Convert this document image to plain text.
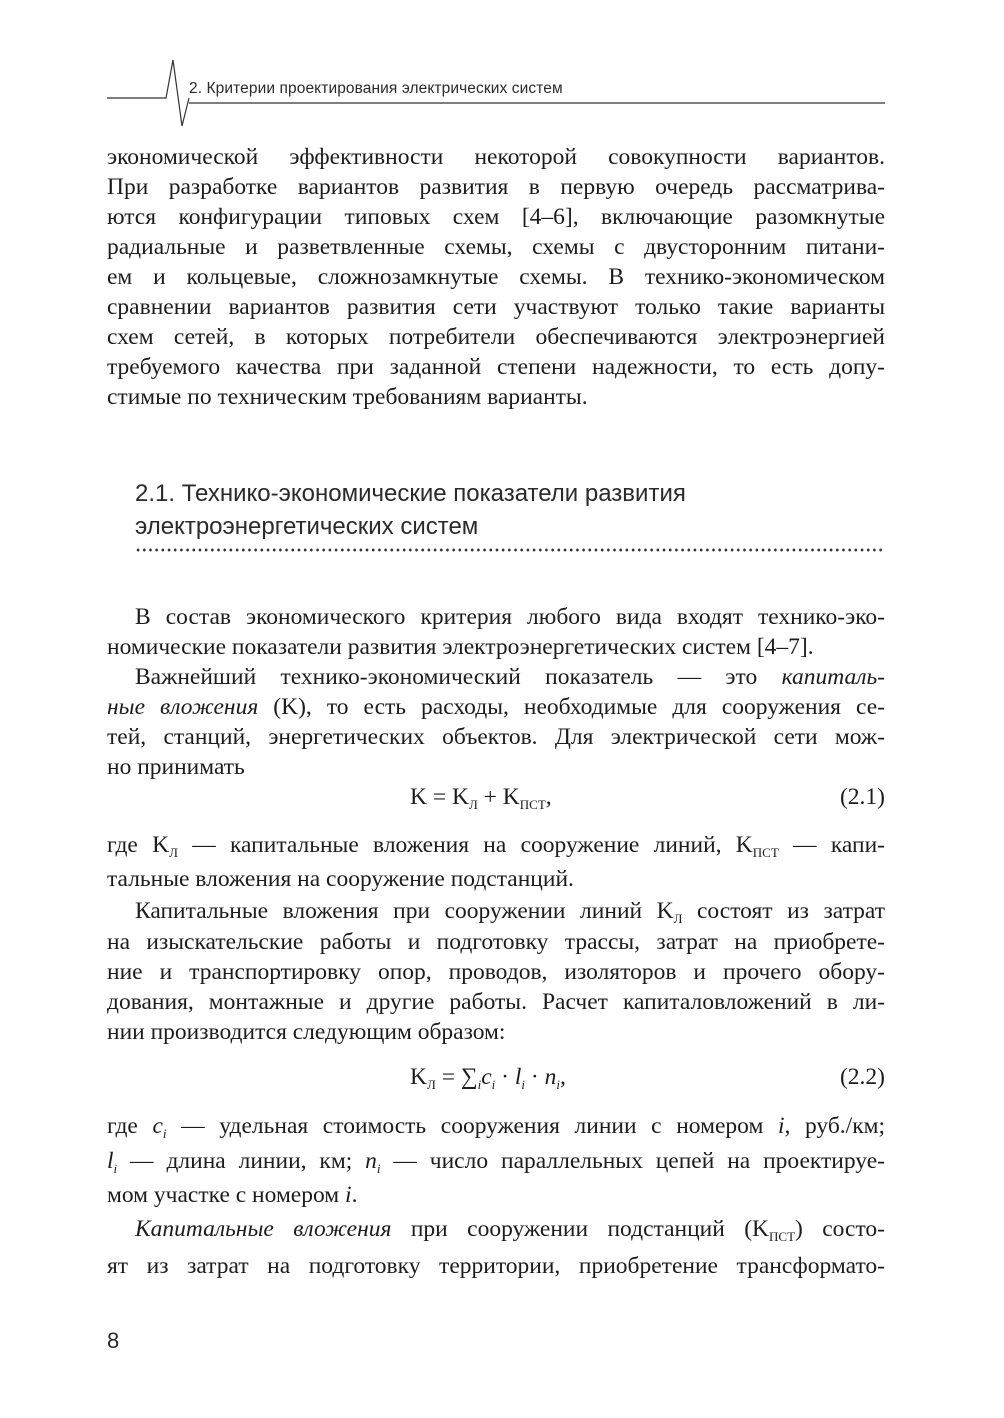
2. Критерии проектирования электрических систем
экономической эффективности некоторой совокупности вариантов.
При разработке вариантов развития в первую очередь рассматрива-
ются конфигурации типовых схем [4–6], включающие разомкнутые
радиальные и разветвленные схемы, схемы с двусторонним питани-
ем и кольцевые, сложнозамкнутые схемы. В технико-экономическом
сравнении вариантов развития сети участвуют только такие варианты
схем сетей, в которых потребители обеспечиваются электроэнергией
требуемого качества при заданной степени надежности, то есть допу-
стимые по техническим требованиям варианты.
2.1. Технико-экономические показатели развития
электроэнергетических систем
В состав экономического критерия любого вида входят технико-эко-
номические показатели развития электроэнергетических систем [4–7].
Важнейший технико-экономический показатель — это капиталь-
ные вложения (K), то есть расходы, необходимые для сооружения се-
тей, станций, энергетических объектов. Для электрической сети мож-
но принимать
$K = K_Л + K_{ПСТ}$,	(2.1)
где $K_Л$ — капитальные вложения на сооружение линий, $K_{ПСТ}$ — капи-
тальные вложения на сооружение подстанций.
Капитальные вложения при сооружении линий $K_Л$ состоят из затрат
на изыскательские работы и подготовку трассы, затрат на приобрете-
ние и транспортировку опор, проводов, изоляторов и прочего обору-
дования, монтажные и другие работы. Расчет капиталовложений в ли-
нии производится следующим образом:
$K_Л = \sum_ic_i \cdot l_i \cdot n_i$,	(2.2)
где $c_i$ — удельная стоимость сооружения линии с номером i, руб./км;
$l_i$ — длина линии, км; $n_i$ — число параллельных цепей на проектируе-
мом участке с номером i.
Капитальные вложения при сооружении подстанций $(K_{ПСТ})$ состо-
ят из затрат на подготовку территории, приобретение трансформато-
8
